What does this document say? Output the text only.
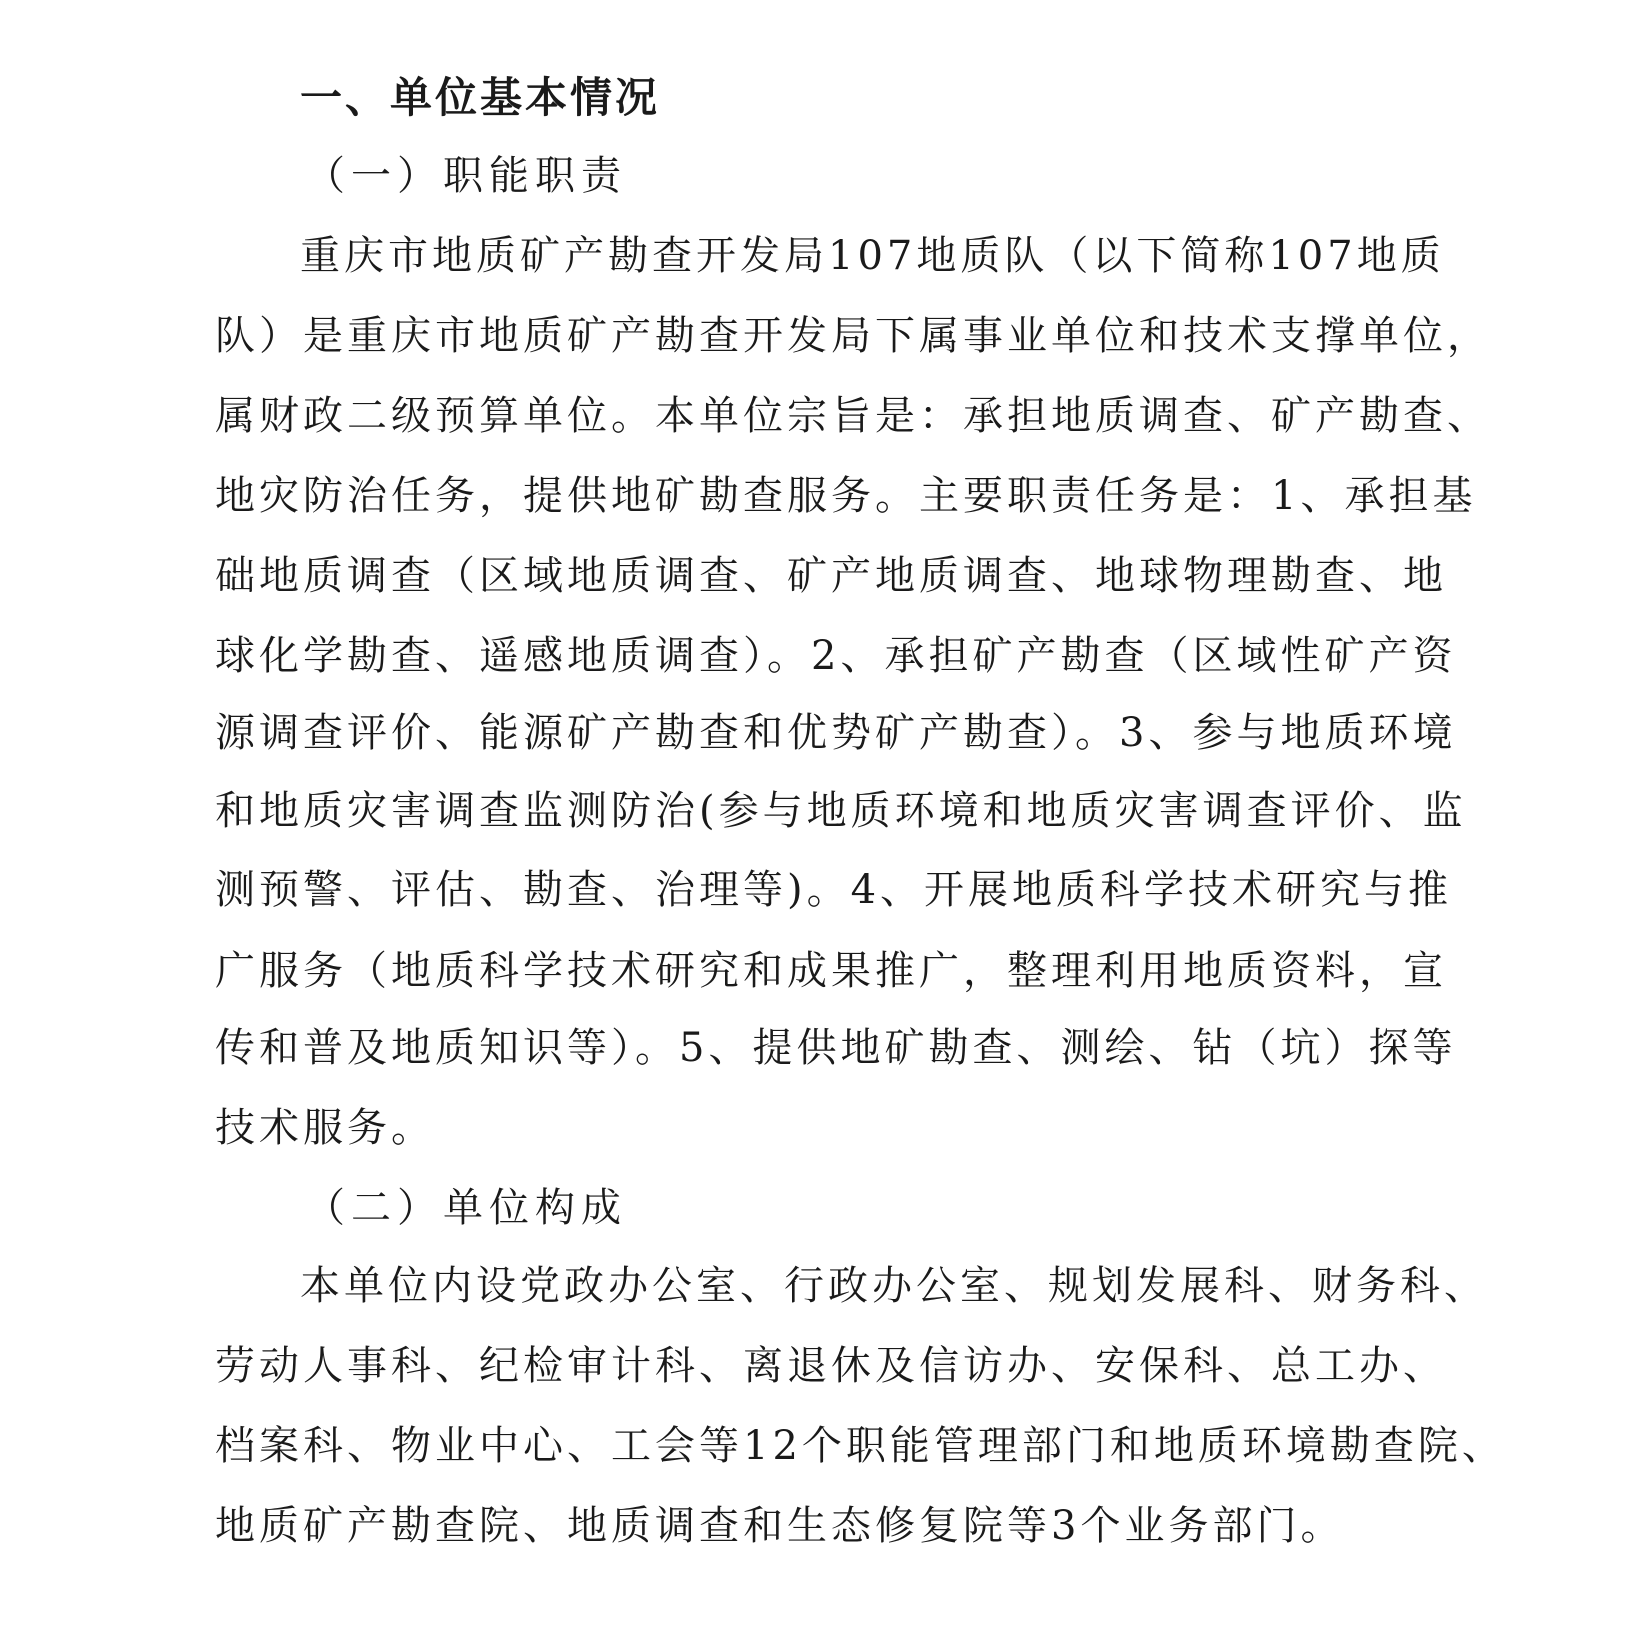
一、单位基本情况
（一）职能职责
重庆市地质矿产勘查开发局107地质队（以下简称107地质
队）是重庆市地质矿产勘查开发局下属事业单位和技术支撑单位，
属财政二级预算单位。本单位宗旨是：承担地质调查、矿产勘查、
地灾防治任务，提供地矿勘查服务。主要职责任务是：1、承担基
础地质调查（区域地质调查、矿产地质调查、地球物理勘查、地
球化学勘查、遥感地质调查）。2、承担矿产勘查（区域性矿产资
源调查评价、能源矿产勘查和优势矿产勘查）。3、参与地质环境
和地质灾害调查监测防治(参与地质环境和地质灾害调查评价、监
测预警、评估、勘查、治理等)。4、开展地质科学技术研究与推
广服务（地质科学技术研究和成果推广，整理利用地质资料，宣
传和普及地质知识等）。5、提供地矿勘查、测绘、钻（坑）探等
技术服务。
（二）单位构成
本单位内设党政办公室、行政办公室、规划发展科、财务科、
劳动人事科、纪检审计科、离退休及信访办、安保科、总工办、
档案科、物业中心、工会等12个职能管理部门和地质环境勘查院、
地质矿产勘查院、地质调查和生态修复院等3个业务部门。
